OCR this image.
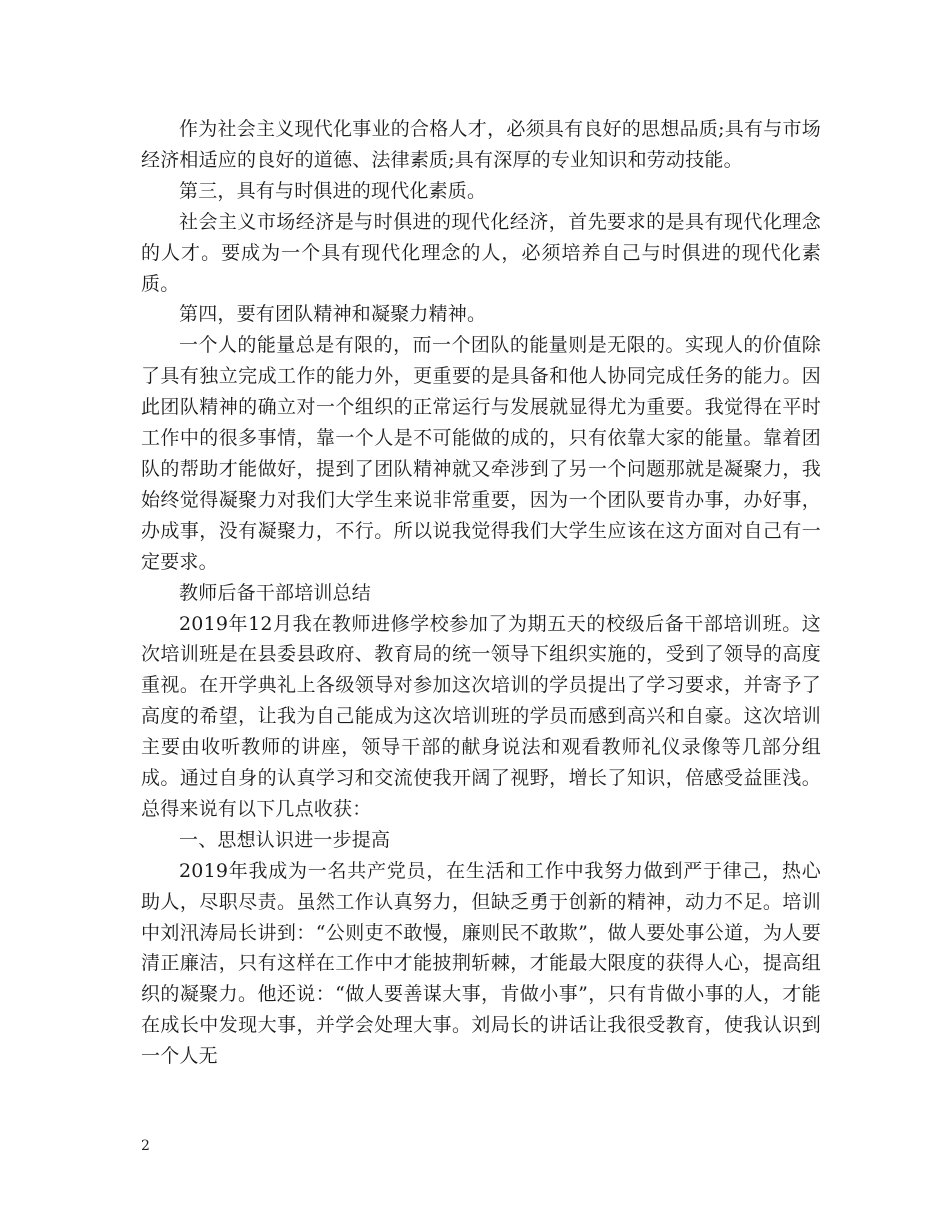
作为社会主义现代化事业的合格人才，必须具有良好的思想品质;具有与市场经济相适应的良好的道德、法律素质;具有深厚的专业知识和劳动技能。

第三，具有与时俱进的现代化素质。

社会主义市场经济是与时俱进的现代化经济，首先要求的是具有现代化理念的人才。要成为一个具有现代化理念的人，必须培养自己与时俱进的现代化素质。

第四，要有团队精神和凝聚力精神。

一个人的能量总是有限的，而一个团队的能量则是无限的。实现人的价值除了具有独立完成工作的能力外，更重要的是具备和他人协同完成任务的能力。因此团队精神的确立对一个组织的正常运行与发展就显得尤为重要。我觉得在平时工作中的很多事情，靠一个人是不可能做的成的，只有依靠大家的能量。靠着团队的帮助才能做好，提到了团队精神就又牵涉到了另一个问题那就是凝聚力，我始终觉得凝聚力对我们大学生来说非常重要，因为一个团队要肯办事，办好事，办成事，没有凝聚力，不行。所以说我觉得我们大学生应该在这方面对自己有一定要求。

教师后备干部培训总结

2019年12月我在教师进修学校参加了为期五天的校级后备干部培训班。这次培训班是在县委县政府、教育局的统一领导下组织实施的，受到了领导的高度重视。在开学典礼上各级领导对参加这次培训的学员提出了学习要求，并寄予了高度的希望，让我为自己能成为这次培训班的学员而感到高兴和自豪。这次培训主要由收听教师的讲座，领导干部的献身说法和观看教师礼仪录像等几部分组成。通过自身的认真学习和交流使我开阔了视野，增长了知识，倍感受益匪浅。总得来说有以下几点收获：

一、思想认识进一步提高

2019年我成为一名共产党员，在生活和工作中我努力做到严于律己，热心助人，尽职尽责。虽然工作认真努力，但缺乏勇于创新的精神，动力不足。培训中刘汛涛局长讲到：“公则吏不敢慢，廉则民不敢欺”，做人要处事公道，为人要清正廉洁，只有这样在工作中才能披荆斩棘，才能最大限度的获得人心，提高组织的凝聚力。他还说：“做人要善谋大事，肯做小事”，只有肯做小事的人，才能在成长中发现大事，并学会处理大事。刘局长的讲话让我很受教育，使我认识到一个人无

2
